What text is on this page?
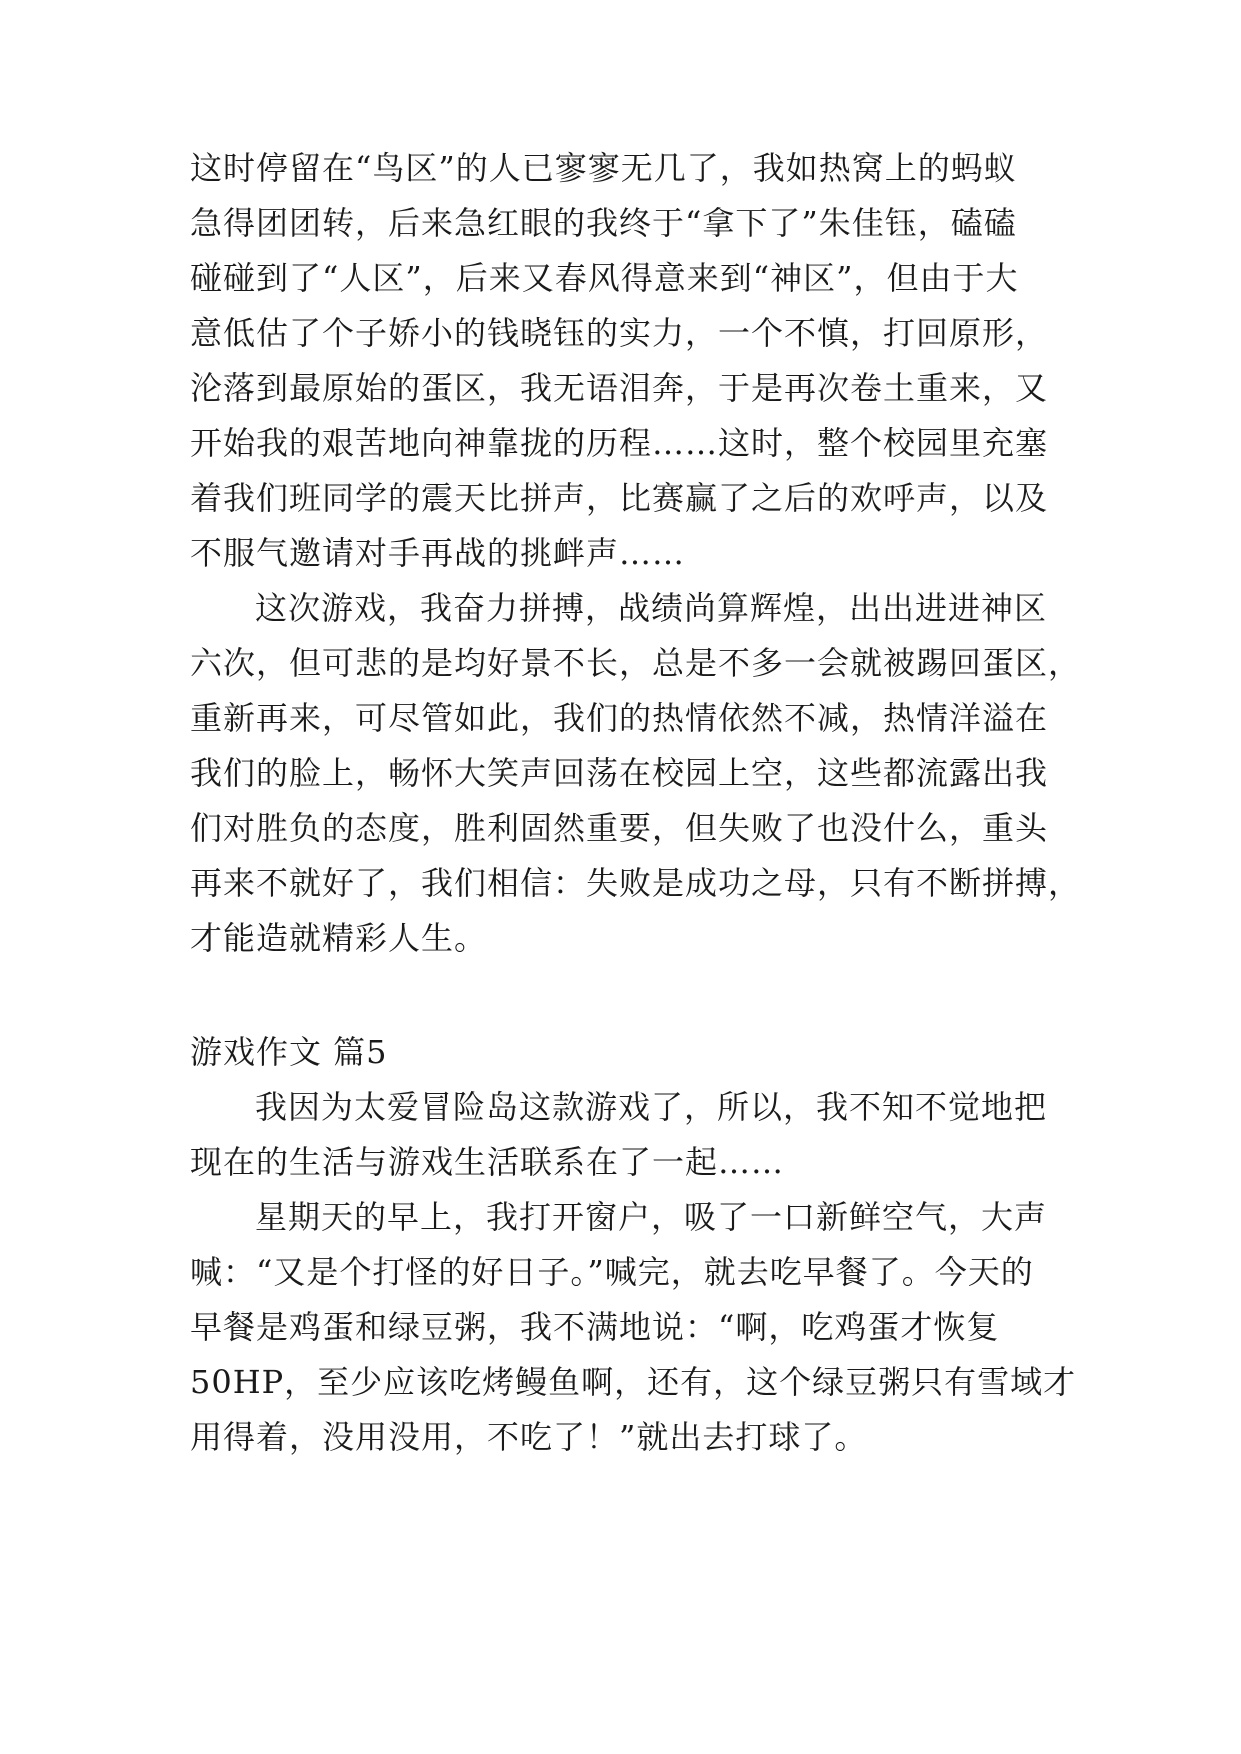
这时停留在“鸟区”的人已寥寥无几了，我如热窝上的蚂蚁
急得团团转，后来急红眼的我终于“拿下了”朱佳钰，磕磕
碰碰到了“人区”，后来又春风得意来到“神区”，但由于大
意低估了个子娇小的钱晓钰的实力，一个不慎，打回原形，
沦落到最原始的蛋区，我无语泪奔，于是再次卷土重来，又
开始我的艰苦地向神靠拢的历程……这时，整个校园里充塞
着我们班同学的震天比拼声，比赛赢了之后的欢呼声，以及
不服气邀请对手再战的挑衅声……
这次游戏，我奋力拼搏，战绩尚算辉煌，出出进进神区
六次，但可悲的是均好景不长，总是不多一会就被踢回蛋区，
重新再来，可尽管如此，我们的热情依然不减，热情洋溢在
我们的脸上，畅怀大笑声回荡在校园上空，这些都流露出我
们对胜负的态度，胜利固然重要，但失败了也没什么，重头
再来不就好了，我们相信：失败是成功之母，只有不断拼搏，
才能造就精彩人生。
游戏作文 篇5
我因为太爱冒险岛这款游戏了，所以，我不知不觉地把
现在的生活与游戏生活联系在了一起……
星期天的早上，我打开窗户，吸了一口新鲜空气，大声
喊：“又是个打怪的好日子。”喊完，就去吃早餐了。今天的
早餐是鸡蛋和绿豆粥，我不满地说：“啊，吃鸡蛋才恢复
50HP，至少应该吃烤鳗鱼啊，还有，这个绿豆粥只有雪域才
用得着，没用没用，不吃了！”就出去打球了。
